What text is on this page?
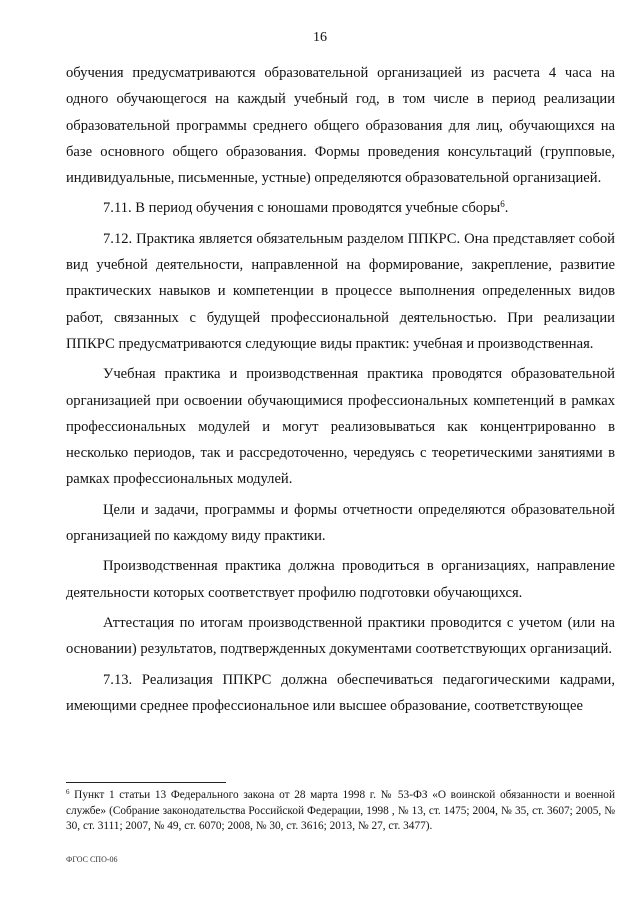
16

обучения предусматриваются образовательной организацией из расчета 4 часа на одного обучающегося на каждый учебный год, в том числе в период реализации образовательной программы среднего общего образования для лиц, обучающихся на базе основного общего образования. Формы проведения консультаций (групповые, индивидуальные, письменные, устные) определяются образовательной организацией.

7.11. В период обучения с юношами проводятся учебные сборы$^6$.

7.12. Практика является обязательным разделом ППКРС. Она представляет собой вид учебной деятельности, направленной на формирование, закрепление, развитие практических навыков и компетенции в процессе выполнения определенных видов работ, связанных с будущей профессиональной деятельностью. При реализации ППКРС предусматриваются следующие виды практик: учебная и производственная.

Учебная практика и производственная практика проводятся образовательной организацией при освоении обучающимися профессиональных компетенций в рамках профессиональных модулей и могут реализовываться как концентрированно в несколько периодов, так и рассредоточенно, чередуясь с теоретическими занятиями в рамках профессиональных модулей.

Цели и задачи, программы и формы отчетности определяются образовательной организацией по каждому виду практики.

Производственная практика должна проводиться в организациях, направление деятельности которых соответствует профилю подготовки обучающихся.

Аттестация по итогам производственной практики проводится с учетом (или на основании) результатов, подтвержденных документами соответствующих организаций.

7.13. Реализация ППКРС должна обеспечиваться педагогическими кадрами, имеющими среднее профессиональное или высшее образование, соответствующее

$^6$ Пункт 1 статьи 13 Федерального закона от 28 марта 1998 г. № 53-ФЗ «О воинской обязанности и военной службе» (Собрание законодательства Российской Федерации, 1998 , № 13, ст. 1475; 2004, № 35, ст. 3607; 2005, № 30, ст. 3111; 2007, № 49, ст. 6070; 2008, № 30, ст. 3616; 2013, № 27, ст. 3477).
ФГОС СПО-06
